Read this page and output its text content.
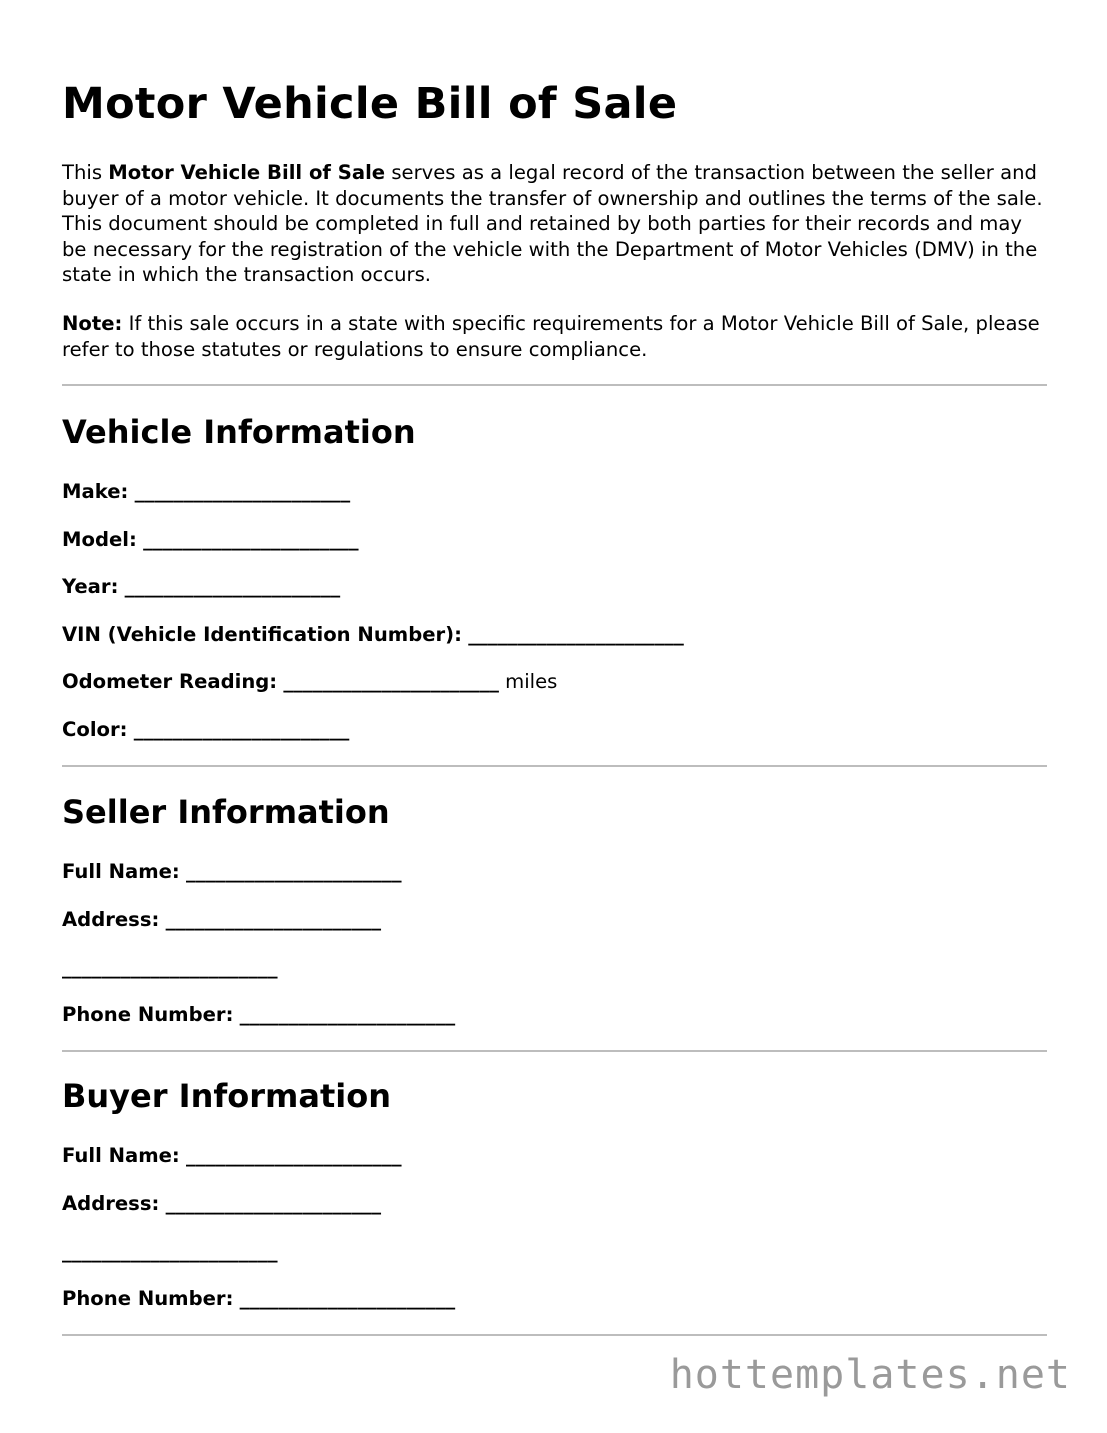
Motor Vehicle Bill of Sale

This Motor Vehicle Bill of Sale serves as a legal record of the transaction between the seller and buyer of a motor vehicle. It documents the transfer of ownership and outlines the terms of the sale. This document should be completed in full and retained by both parties for their records and may be necessary for the registration of the vehicle with the Department of Motor Vehicles (DMV) in the state in which the transaction occurs.

Note: If this sale occurs in a state with specific requirements for a Motor Vehicle Bill of Sale, please refer to those statutes or regulations to ensure compliance.

Vehicle Information

Make: ______________________

Model: ______________________

Year: ______________________

VIN (Vehicle Identification Number): ______________________

Odometer Reading: ______________________ miles

Color: ______________________

Seller Information

Full Name: ______________________

Address: ______________________

______________________

Phone Number: ______________________

Buyer Information

Full Name: ______________________

Address: ______________________

______________________

Phone Number: ______________________

hottemplates.net
